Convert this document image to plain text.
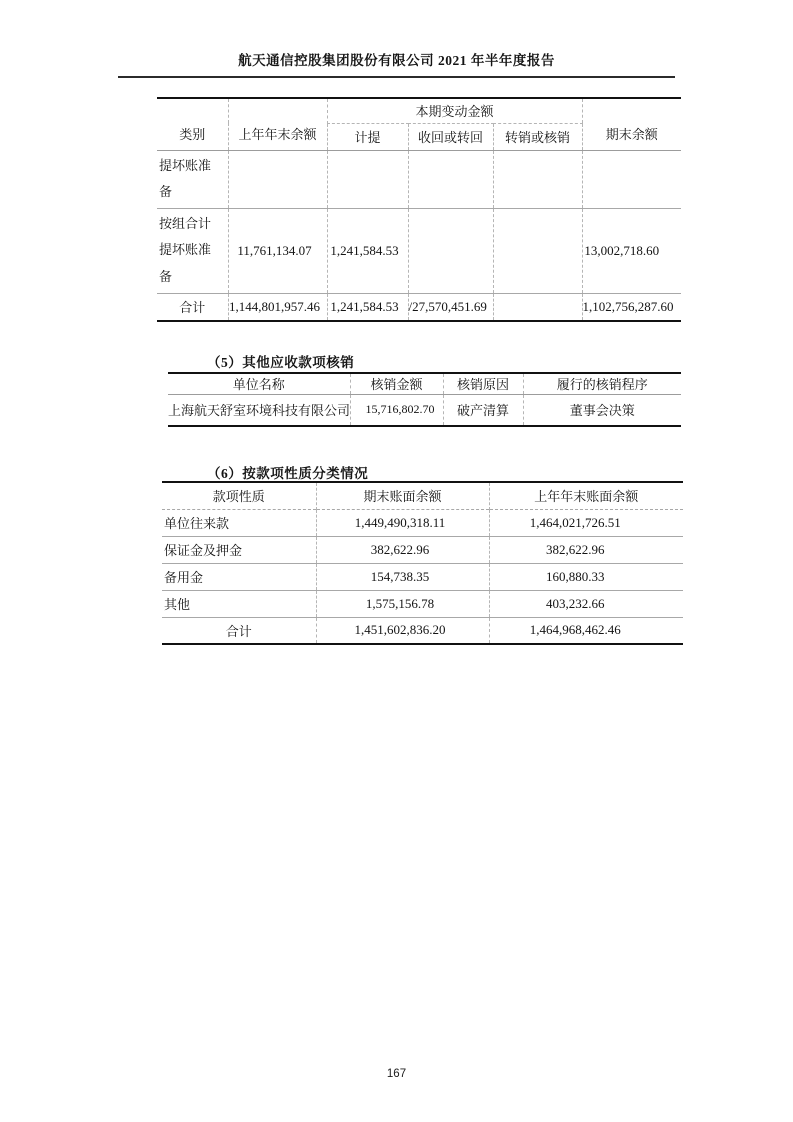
航天通信控股集团股份有限公司 2021 年半年度报告
类别	上年年末余额	本期变动金额			期末余额
		计提	收回或转回	转销或核销	
提坏账准备					
按组合计提坏账准备	11,761,134.07	1,241,584.53			13,002,718.60
合计	1,144,801,957.46	1,241,584.53	/27,570,451.69		1,102,756,287.60
（5）其他应收款项核销
单位名称	核销金额	核销原因	履行的核销程序
上海航天舒室环境科技有限公司	15,716,802.70	破产清算	董事会决策
（6）按款项性质分类情况
款项性质	期末账面余额	上年年末账面余额
单位往来款	1,449,490,318.11	1,464,021,726.51
保证金及押金	382,622.96	382,622.96
备用金	154,738.35	160,880.33
其他	1,575,156.78	403,232.66
合计	1,451,602,836.20	1,464,968,462.46
167
